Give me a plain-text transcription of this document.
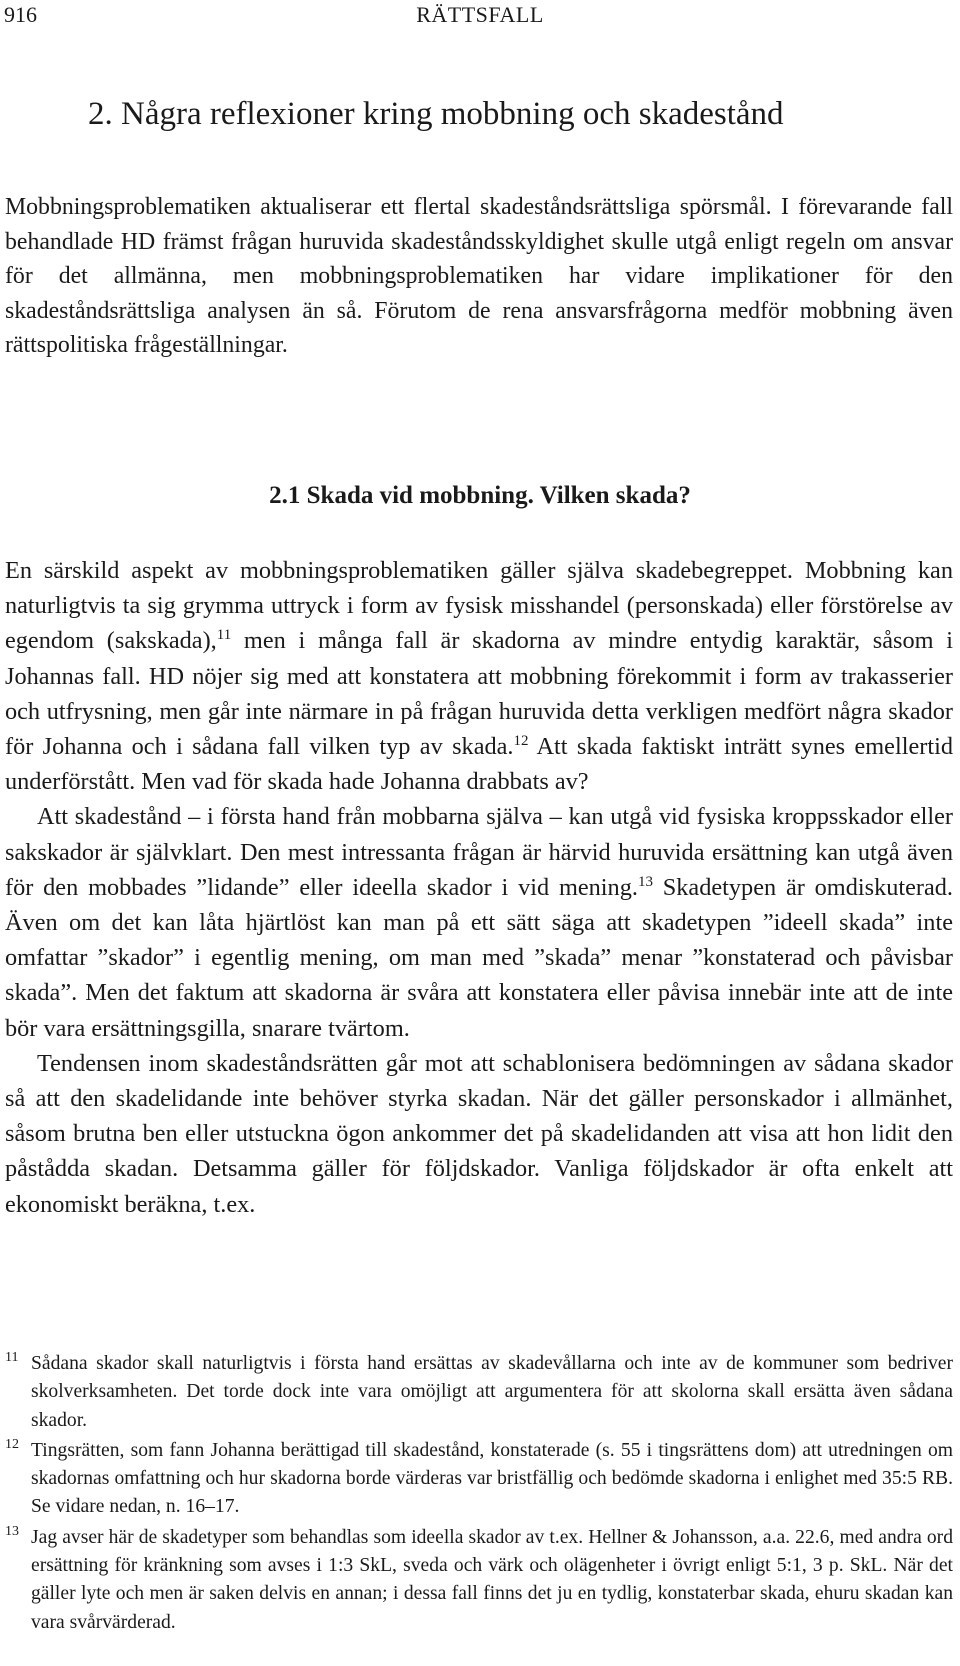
916	RÄTTSFALL
2. Några reflexioner kring mobbning och skadestånd

Mobbningsproblematiken aktualiserar ett flertal skadeståndsrättsliga spörsmål. I förevarande fall behandlade HD främst frågan huruvida skadeståndsskyldighet skulle utgå enligt regeln om ansvar för det allmänna, men mobbningsproblematiken har vidare implikationer för den skadeståndsrättsliga analysen än så. Förutom de rena ansvarsfrågorna medför mobbning även rättspolitiska frågeställningar.

2.1 Skada vid mobbning. Vilken skada?

En särskild aspekt av mobbningsproblematiken gäller själva skadebegreppet. Mobbning kan naturligtvis ta sig grymma uttryck i form av fysisk misshandel (personskada) eller förstörelse av egendom (sakskada),$^{11}$ men i många fall är skadorna av mindre entydig karaktär, såsom i Johannas fall. HD nöjer sig med att konstatera att mobbning förekommit i form av trakasserier och utfrysning, men går inte närmare in på frågan huruvida detta verkligen medfört några skador för Johanna och i sådana fall vilken typ av skada.$^{12}$ Att skada faktiskt inträtt synes emellertid underförstått. Men vad för skada hade Johanna drabbats av?

Att skadestånd – i första hand från mobbarna själva – kan utgå vid fysiska kroppsskador eller sakskador är självklart. Den mest intressanta frågan är härvid huruvida ersättning kan utgå även för den mobbades ”lidande” eller ideella skador i vid mening.$^{13}$ Skadetypen är omdiskuterad. Även om det kan låta hjärtlöst kan man på ett sätt säga att skadetypen ”ideell skada” inte omfattar ”skador” i egentlig mening, om man med ”skada” menar ”konstaterad och påvisbar skada”. Men det faktum att skadorna är svåra att konstatera eller påvisa innebär inte att de inte bör vara ersättningsgilla, snarare tvärtom.

Tendensen inom skadeståndsrätten går mot att schablonisera bedömningen av sådana skador så att den skadelidande inte behöver styrka skadan. När det gäller personskador i allmänhet, såsom brutna ben eller utstuckna ögon ankommer det på skadelidanden att visa att hon lidit den påstådda skadan. Detsamma gäller för följdskador. Vanliga följdskador är ofta enkelt att ekonomiskt beräkna, t.ex.

11 Sådana skador skall naturligtvis i första hand ersättas av skadevållarna och inte av de kommuner som bedriver skolverksamheten. Det torde dock inte vara omöjligt att argumentera för att skolorna skall ersätta även sådana skador.
12 Tingsrätten, som fann Johanna berättigad till skadestånd, konstaterade (s. 55 i tingsrättens dom) att utredningen om skadornas omfattning och hur skadorna borde värderas var bristfällig och bedömde skadorna i enlighet med 35:5 RB. Se vidare nedan, n. 16–17.
13 Jag avser här de skadetyper som behandlas som ideella skador av t.ex. Hellner & Johansson, a.a. 22.6, med andra ord ersättning för kränkning som avses i 1:3 SkL, sveda och värk och olägenheter i övrigt enligt 5:1, 3 p. SkL. När det gäller lyte och men är saken delvis en annan; i dessa fall finns det ju en tydlig, konstaterbar skada, ehuru skadan kan vara svårvärderad.
